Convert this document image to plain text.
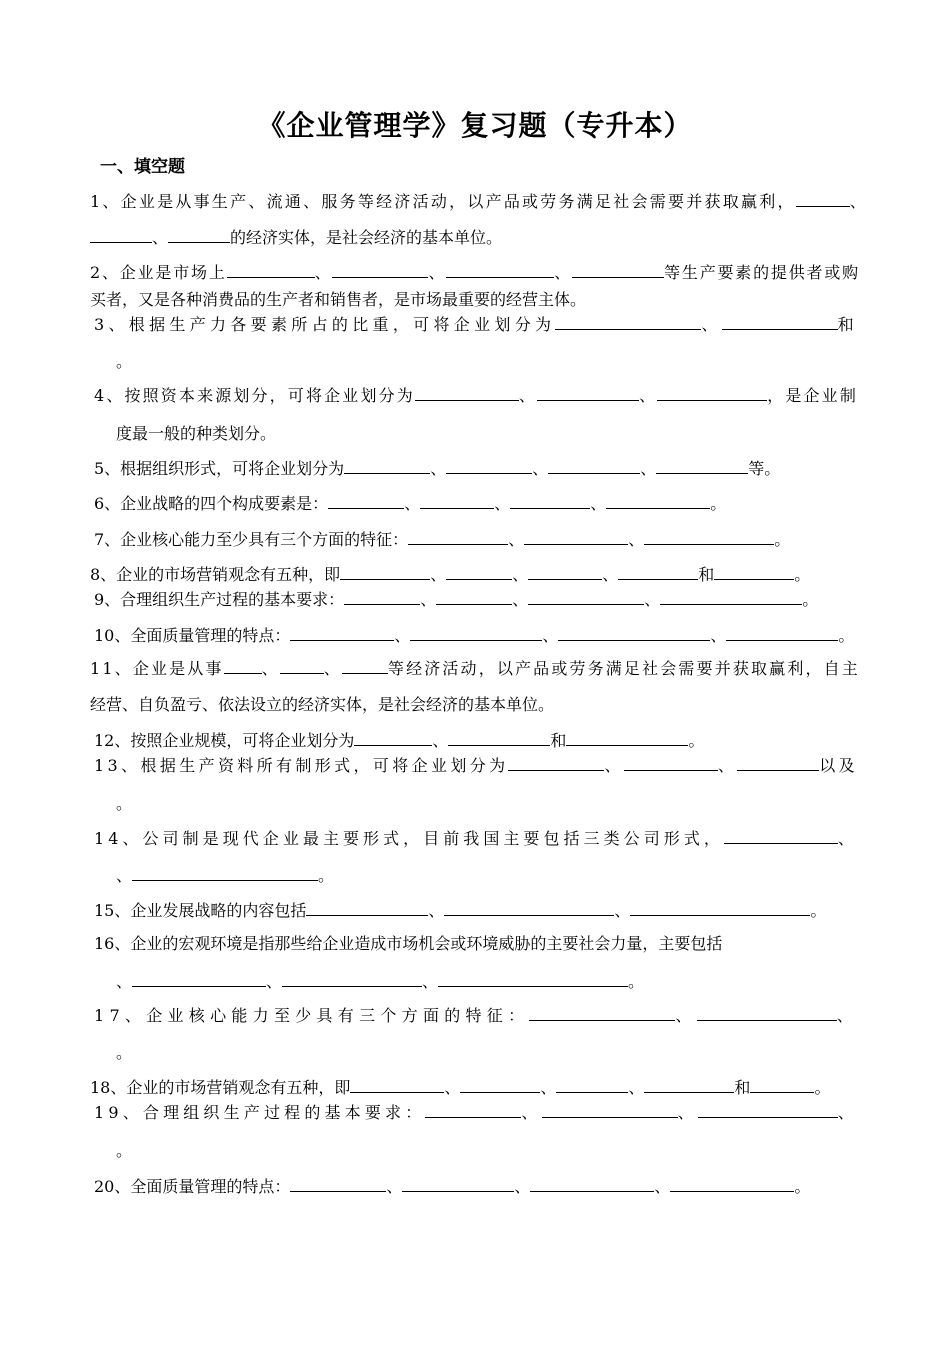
《企业管理学》复习题（专升本）
一、填空题
1、企业是从事生产、流通、服务等经济活动，以产品或劳务满足社会需要并获取赢利，	、
、	的经济实体，是社会经济的基本单位。
2、企业是市场上	、	、	、	等生产要素的提供者或购
买者，又是各种消费品的生产者和销售者，是市场最重要的经营主体。
3、根据生产力各要素所占的比重，可将企业划分为	、	和
。
4、按照资本来源划分，可将企业划分为	、	、	，是企业制
度最一般的种类划分。
5、根据组织形式，可将企业划分为	、	、	、	等。
6、企业战略的四个构成要素是：	、	、	、	。
7、企业核心能力至少具有三个方面的特征：	、	、	。
8、企业的市场营销观念有五种，即	、	、	、	和	。
9、合理组织生产过程的基本要求：	、	、	、	。
10、全面质量管理的特点：	、	、	、	。
11、企业是从事 、	、	等经济活动，以产品或劳务满足社会需要并获取赢利，自主
经营、自负盈亏、依法设立的经济实体，是社会经济的基本单位。
12、按照企业规模，可将企业划分为	、	和	。
13、根据生产资料所有制形式，可将企业划分为	、	、	以及
。
14、公司制是现代企业最主要形式，目前我国主要包括三类公司形式，	、
、	。
15、企业发展战略的内容包括	、	、	。
16、企业的宏观环境是指那些给企业造成市场机会或环境威胁的主要社会力量，主要包括
、	、	、	。
17、企业核心能力至少具有三个方面的特征：	、	、
。
18、企业的市场营销观念有五种，即	、	、	、	和	。
19、合理组织生产过程的基本要求：	、	、	、
。
20、全面质量管理的特点：	、	、	、	。
